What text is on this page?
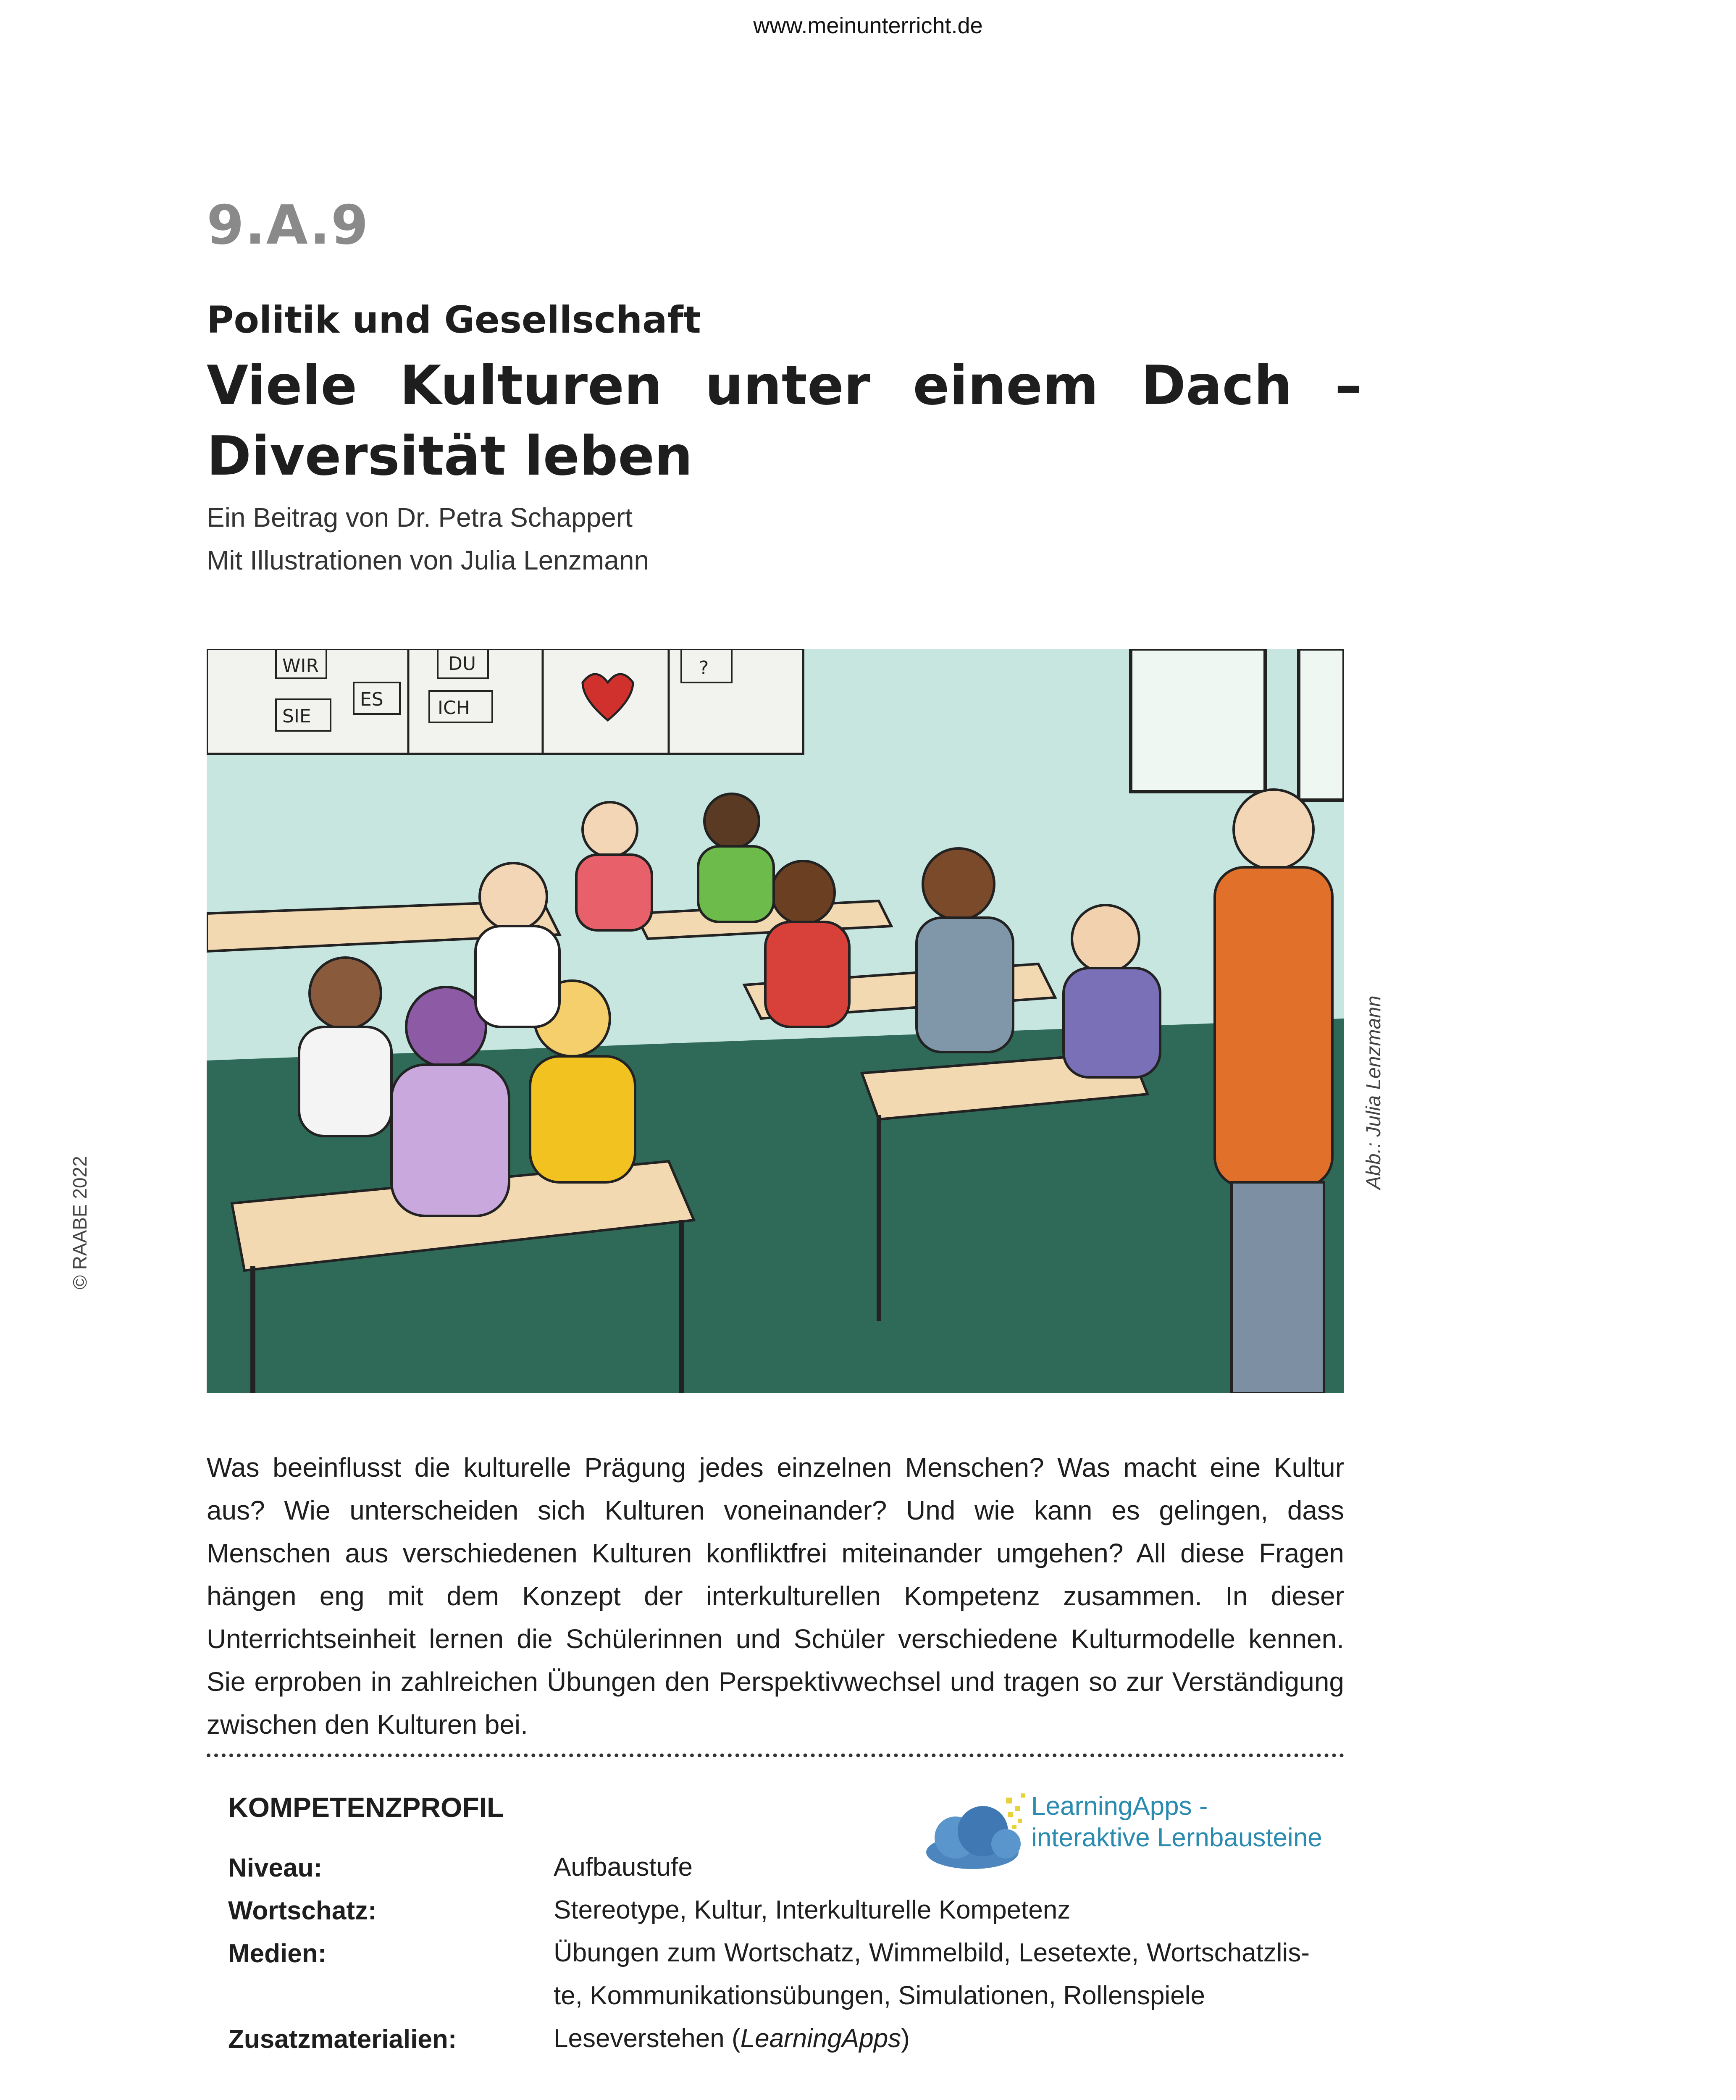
www.meinunterricht.de
9.A.9
Politik und Gesellschaft
Viele Kulturen unter einem Dach – Diversität leben
Ein Beitrag von Dr. Petra Schappert
Mit Illustrationen von Julia Lenzmann
WIR	DU
SIE
ES	ICH
?
Abb.: Julia Lenzmann
© RAABE 2022
Was beeinflusst die kulturelle Prägung jedes einzelnen Menschen? Was macht eine Kultur aus? Wie unterscheiden sich Kulturen voneinander? Und wie kann es gelingen, dass Menschen aus verschiedenen Kulturen konfliktfrei miteinander umgehen? All diese Fragen hängen eng mit dem Konzept der interkulturellen Kompetenz zusammen. In dieser Unterrichtseinheit lernen die Schülerinnen und Schüler verschiedene Kulturmodelle kennen. Sie erproben in zahlreichen Übungen den Perspektivwechsel und tragen so zur Verständigung zwischen den Kulturen bei.
KOMPETENZPROFIL	LearningApps -
interaktive Lernbausteine
Niveau:	Aufbaustufe
Wortschatz:	Stereotype, Kultur, Interkulturelle Kompetenz
Medien:	Übungen zum Wortschatz, Wimmelbild, Lesetexte, Wortschatzliste, Kommunikationsübungen, Simulationen, Rollenspiele
Zusatzmaterialien:	Leseverstehen (LearningApps)
